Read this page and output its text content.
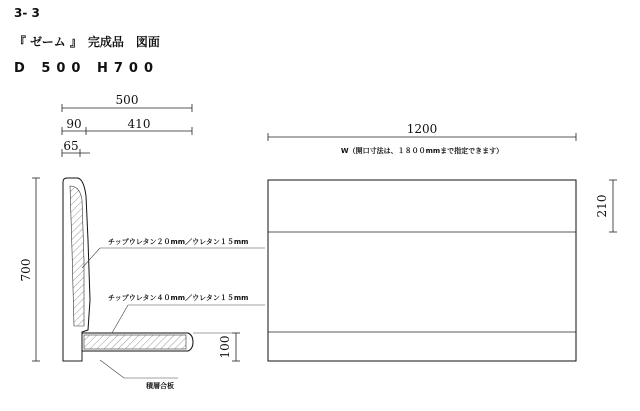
3- 3
『 ゼーム 』　完成品　図面
D 500 H700
500
90	410
65
700
100
チップウレタン２０mm／ウレタン１５mm
チップウレタン４０mm／ウレタン１５mm
積層合板
1200
W（開口寸法は、１８００mmまで指定できます）
210
